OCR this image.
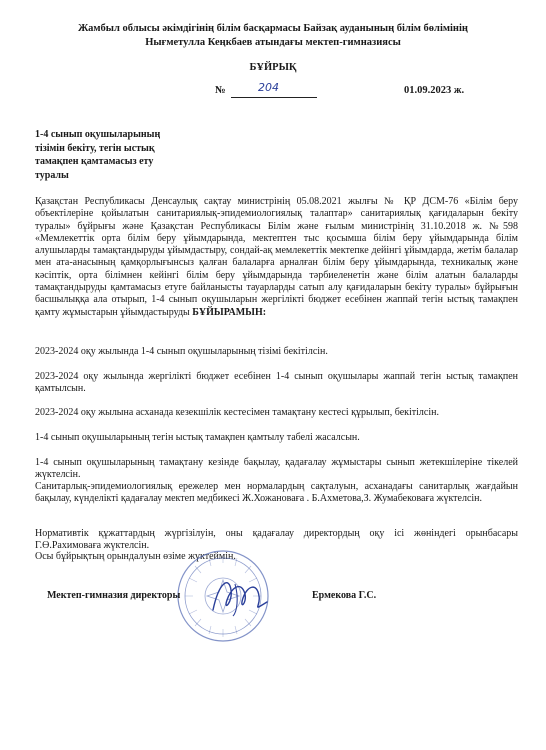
Жамбыл облысы әкімдігінің білім басқармасы Байзақ ауданының білім бөлімінің
Нығметулла Кеңкбаев атындағы мектеп-гимназиясы
БҰЙРЫҚ
№	204	01.09.2023 ж.
1-4 сынып оқушыларының
тізімін бекіту, тегін ыстық
тамақпен қамтамасыз ету
туралы
Қазақстан Республикасы Денсаулық сақтау министрінің 05.08.2021 жылғы № ҚР ДСМ-76 «Білім беру объектілеріне қойылатын санитариялық-эпидемиологиялық талаптар» санитариялық қағидаларын бекіту туралы» бұйрығы және Қазақстан Республикасы Білім және ғылым министрінің 31.10.2018 ж. №598 «Мемлекеттік орта білім беру ұйымдарында, мектептен тыс қосымша білім беру ұйымдарында білім алушыларды тамақтандыруды ұйымдастыру, сондай-ақ мемлекеттік мектепке дейінгі ұйымдарда, жетім балалар мен ата-анасының қамқорлығынсыз қалған балаларға арналған білім беру ұйымдарында, техникалық және кәсіптік, орта білімнен кейінгі білім беру ұйымдарында тәрбиеленетін және білім алатын балаларды тамақтандыруды қамтамасыз етуге байланысты тауарларды сатып алу қағидаларын бекіту туралы» бұйрығын басшылыққа ала отырып, 1-4 сынып оқушыларын жергілікті бюджет есебінен жаппай тегін ыстық тамақпен қамту жұмыстарын ұйымдастыруды БҰЙЫРАМЫН:
2023-2024 оқу жылында 1-4 сынып оқушыларының тізімі бекітілсін.
2023-2024 оқу жылында жергілікті бюджет есебінен 1-4 сынып оқушылары жаппай тегін ыстық тамақпен қамтылсын.
2023-2024 оқу жылына асханада кезекшілік кестесімен тамақтану кестесі құрылып, бекітілсін.
1-4 сынып оқушыларының тегін ыстық тамақпен қамтылу табелі жасалсын.
1-4 сынып оқушыларының тамақтану кезінде бақылау, қадағалау жұмыстары сынып жетекшілеріне тікелей жүктелсін.
Санитарлық-эпидемиологиялық ережелер мен нормалардың сақталуын, асханадағы санитарлық жағдайын бақылау, күнделікті қадағалау мектеп медбикесі Ж.Хожановаға . Б.Ахметова,З. Жумабековаға жүктелсін.
Нормативтік құжаттардың жүргізілуін, оны қадағалау директордың оқу ісі жөніндегі орынбасары Г.Ө.Рахимоваға жүктелсін.
Осы бұйрықтың орындалуын өзіме жүктеймін.
Мектеп-гимназия директоры	Ермекова Г.С.
